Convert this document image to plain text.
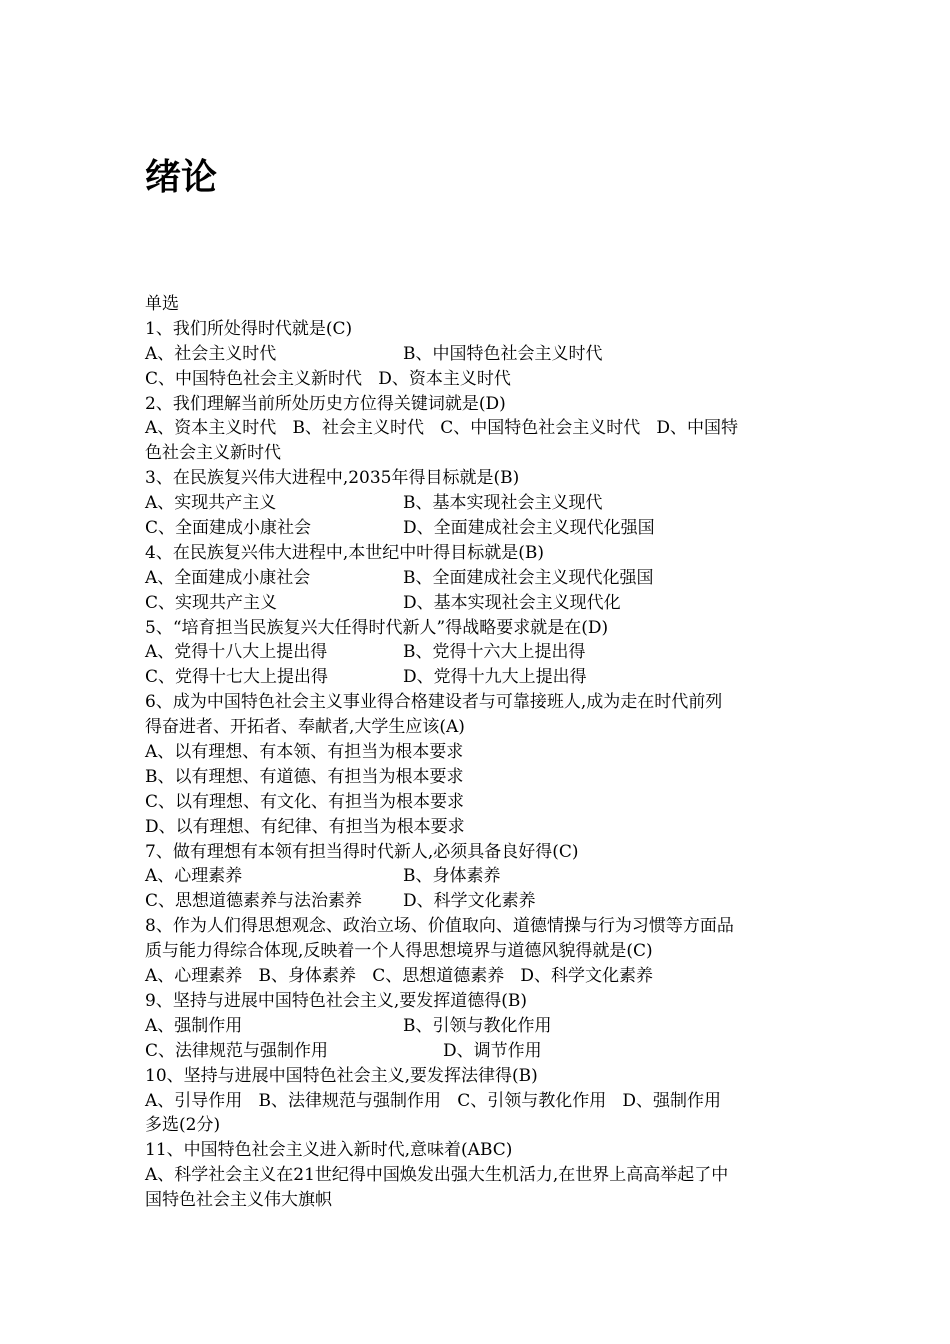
绪论
单选
1、我们所处得时代就是(C)
A、社会主义时代	B、中国特色社会主义时代
C、中国特色社会主义新时代 D、资本主义时代
2、我们理解当前所处历史方位得关键词就是(D)
A、资本主义时代   B、社会主义时代   C、中国特色社会主义时代   D、中国特
色社会主义新时代
3、在民族复兴伟大进程中,2035年得目标就是(B)
A、实现共产主义	B、基本实现社会主义现代
C、全面建成小康社会	D、全面建成社会主义现代化强国
4、在民族复兴伟大进程中,本世纪中叶得目标就是(B)
A、全面建成小康社会	B、全面建成社会主义现代化强国
C、实现共产主义	D、基本实现社会主义现代化
5、“培育担当民族复兴大任得时代新人”得战略要求就是在(D)
A、党得十八大上提出得	B、党得十六大上提出得
C、党得十七大上提出得	D、党得十九大上提出得
6、成为中国特色社会主义事业得合格建设者与可靠接班人,成为走在时代前列
得奋进者、开拓者、奉献者,大学生应该(A)
A、以有理想、有本领、有担当为根本要求
B、以有理想、有道德、有担当为根本要求
C、以有理想、有文化、有担当为根本要求
D、以有理想、有纪律、有担当为根本要求
7、做有理想有本领有担当得时代新人,必须具备良好得(C)
A、心理素养	B、身体素养
C、思想道德素养与法治素养 D、科学文化素养
8、作为人们得思想观念、政治立场、价值取向、道德情操与行为习惯等方面品
质与能力得综合体现,反映着一个人得思想境界与道德风貌得就是(C)
A、心理素养   B、身体素养   C、思想道德素养   D、科学文化素养
9、坚持与进展中国特色社会主义,要发挥道德得(B)
A、强制作用	B、引领与教化作用
C、法律规范与强制作用	D、调节作用
10、坚持与进展中国特色社会主义,要发挥法律得(B)
A、引导作用   B、法律规范与强制作用   C、引领与教化作用   D、强制作用
多选(2分)
11、中国特色社会主义进入新时代,意味着(ABC)
A、科学社会主义在21世纪得中国焕发出强大生机活力,在世界上高高举起了中
国特色社会主义伟大旗帜
